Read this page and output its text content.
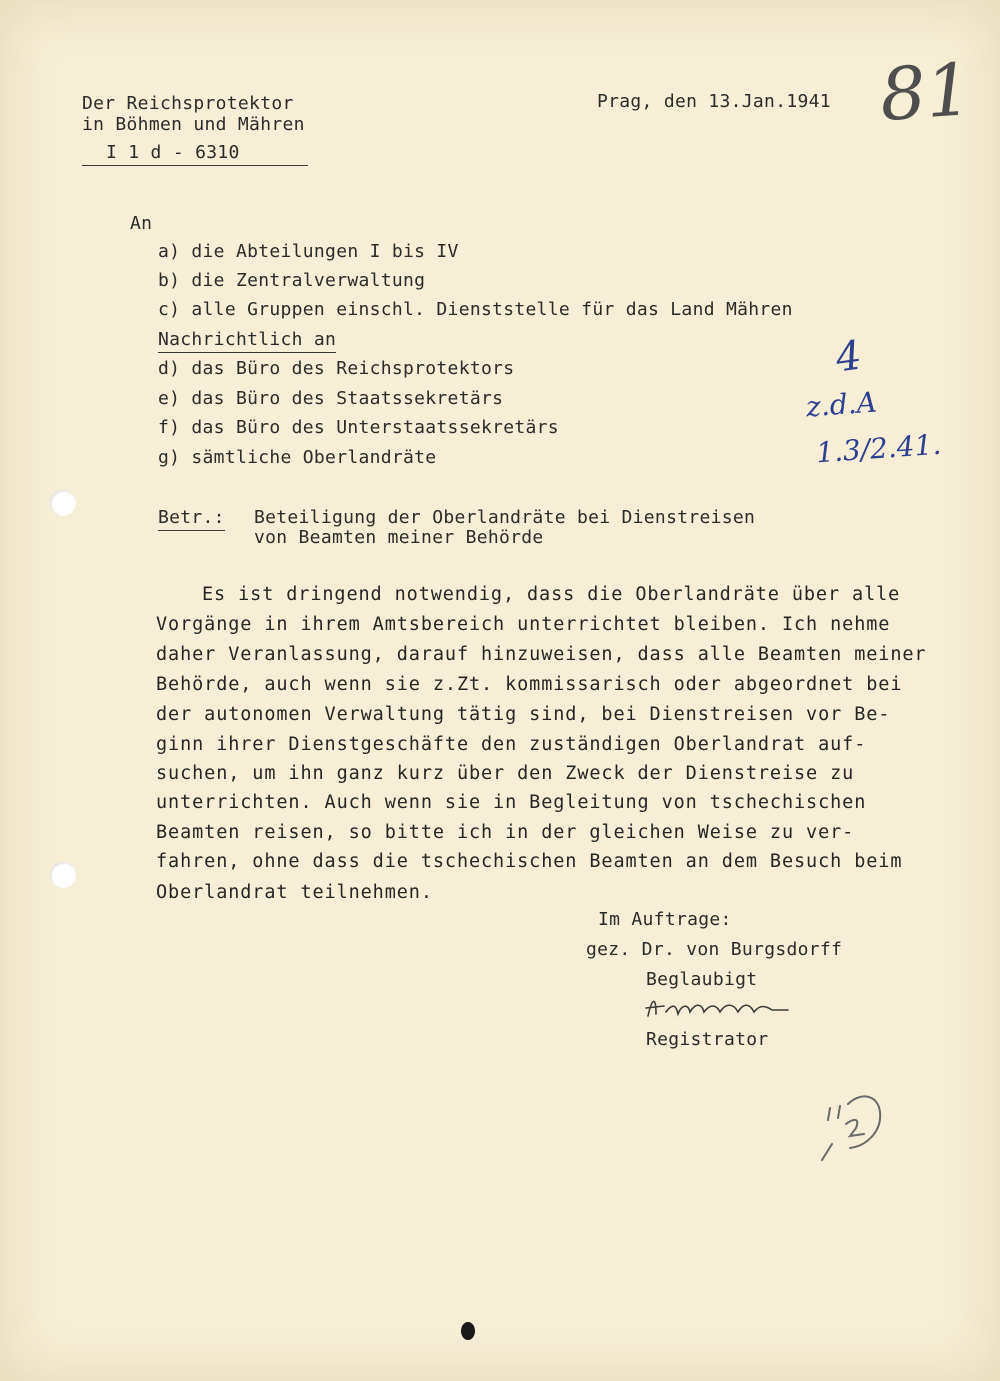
Der Reichsprotektor
in Böhmen und Mähren
I 1 d - 6310
Prag, den 13.Jan.1941 81
An
a) die Abteilungen I bis IV
b) die Zentralverwaltung
c) alle Gruppen einschl. Dienststelle für das Land Mähren
Nachrichtlich an
d) das Büro des Reichsprotektors
e) das Büro des Staatssekretärs
f) das Büro des Unterstaatssekretärs
g) sämtliche Oberlandräte
4
z.d.A
1.3/2.41.
Betr.: Beteiligung der Oberlandräte bei Dienstreisen
von Beamten meiner Behörde
Es ist dringend notwendig, dass die Oberlandräte über alle
Vorgänge in ihrem Amtsbereich unterrichtet bleiben. Ich nehme
daher Veranlassung, darauf hinzuweisen, dass alle Beamten meiner
Behörde, auch wenn sie z.Zt. kommissarisch oder abgeordnet bei
der autonomen Verwaltung tätig sind, bei Dienstreisen vor Be-
ginn ihrer Dienstgeschäfte den zuständigen Oberlandrat auf-
suchen, um ihn ganz kurz über den Zweck der Dienstreise zu
unterrichten. Auch wenn sie in Begleitung von tschechischen
Beamten reisen, so bitte ich in der gleichen Weise zu ver-
fahren, ohne dass die tschechischen Beamten an dem Besuch beim
Oberlandrat teilnehmen.
Im Auftrage:
gez. Dr. von Burgsdorff
Beglaubigt
Registrator
